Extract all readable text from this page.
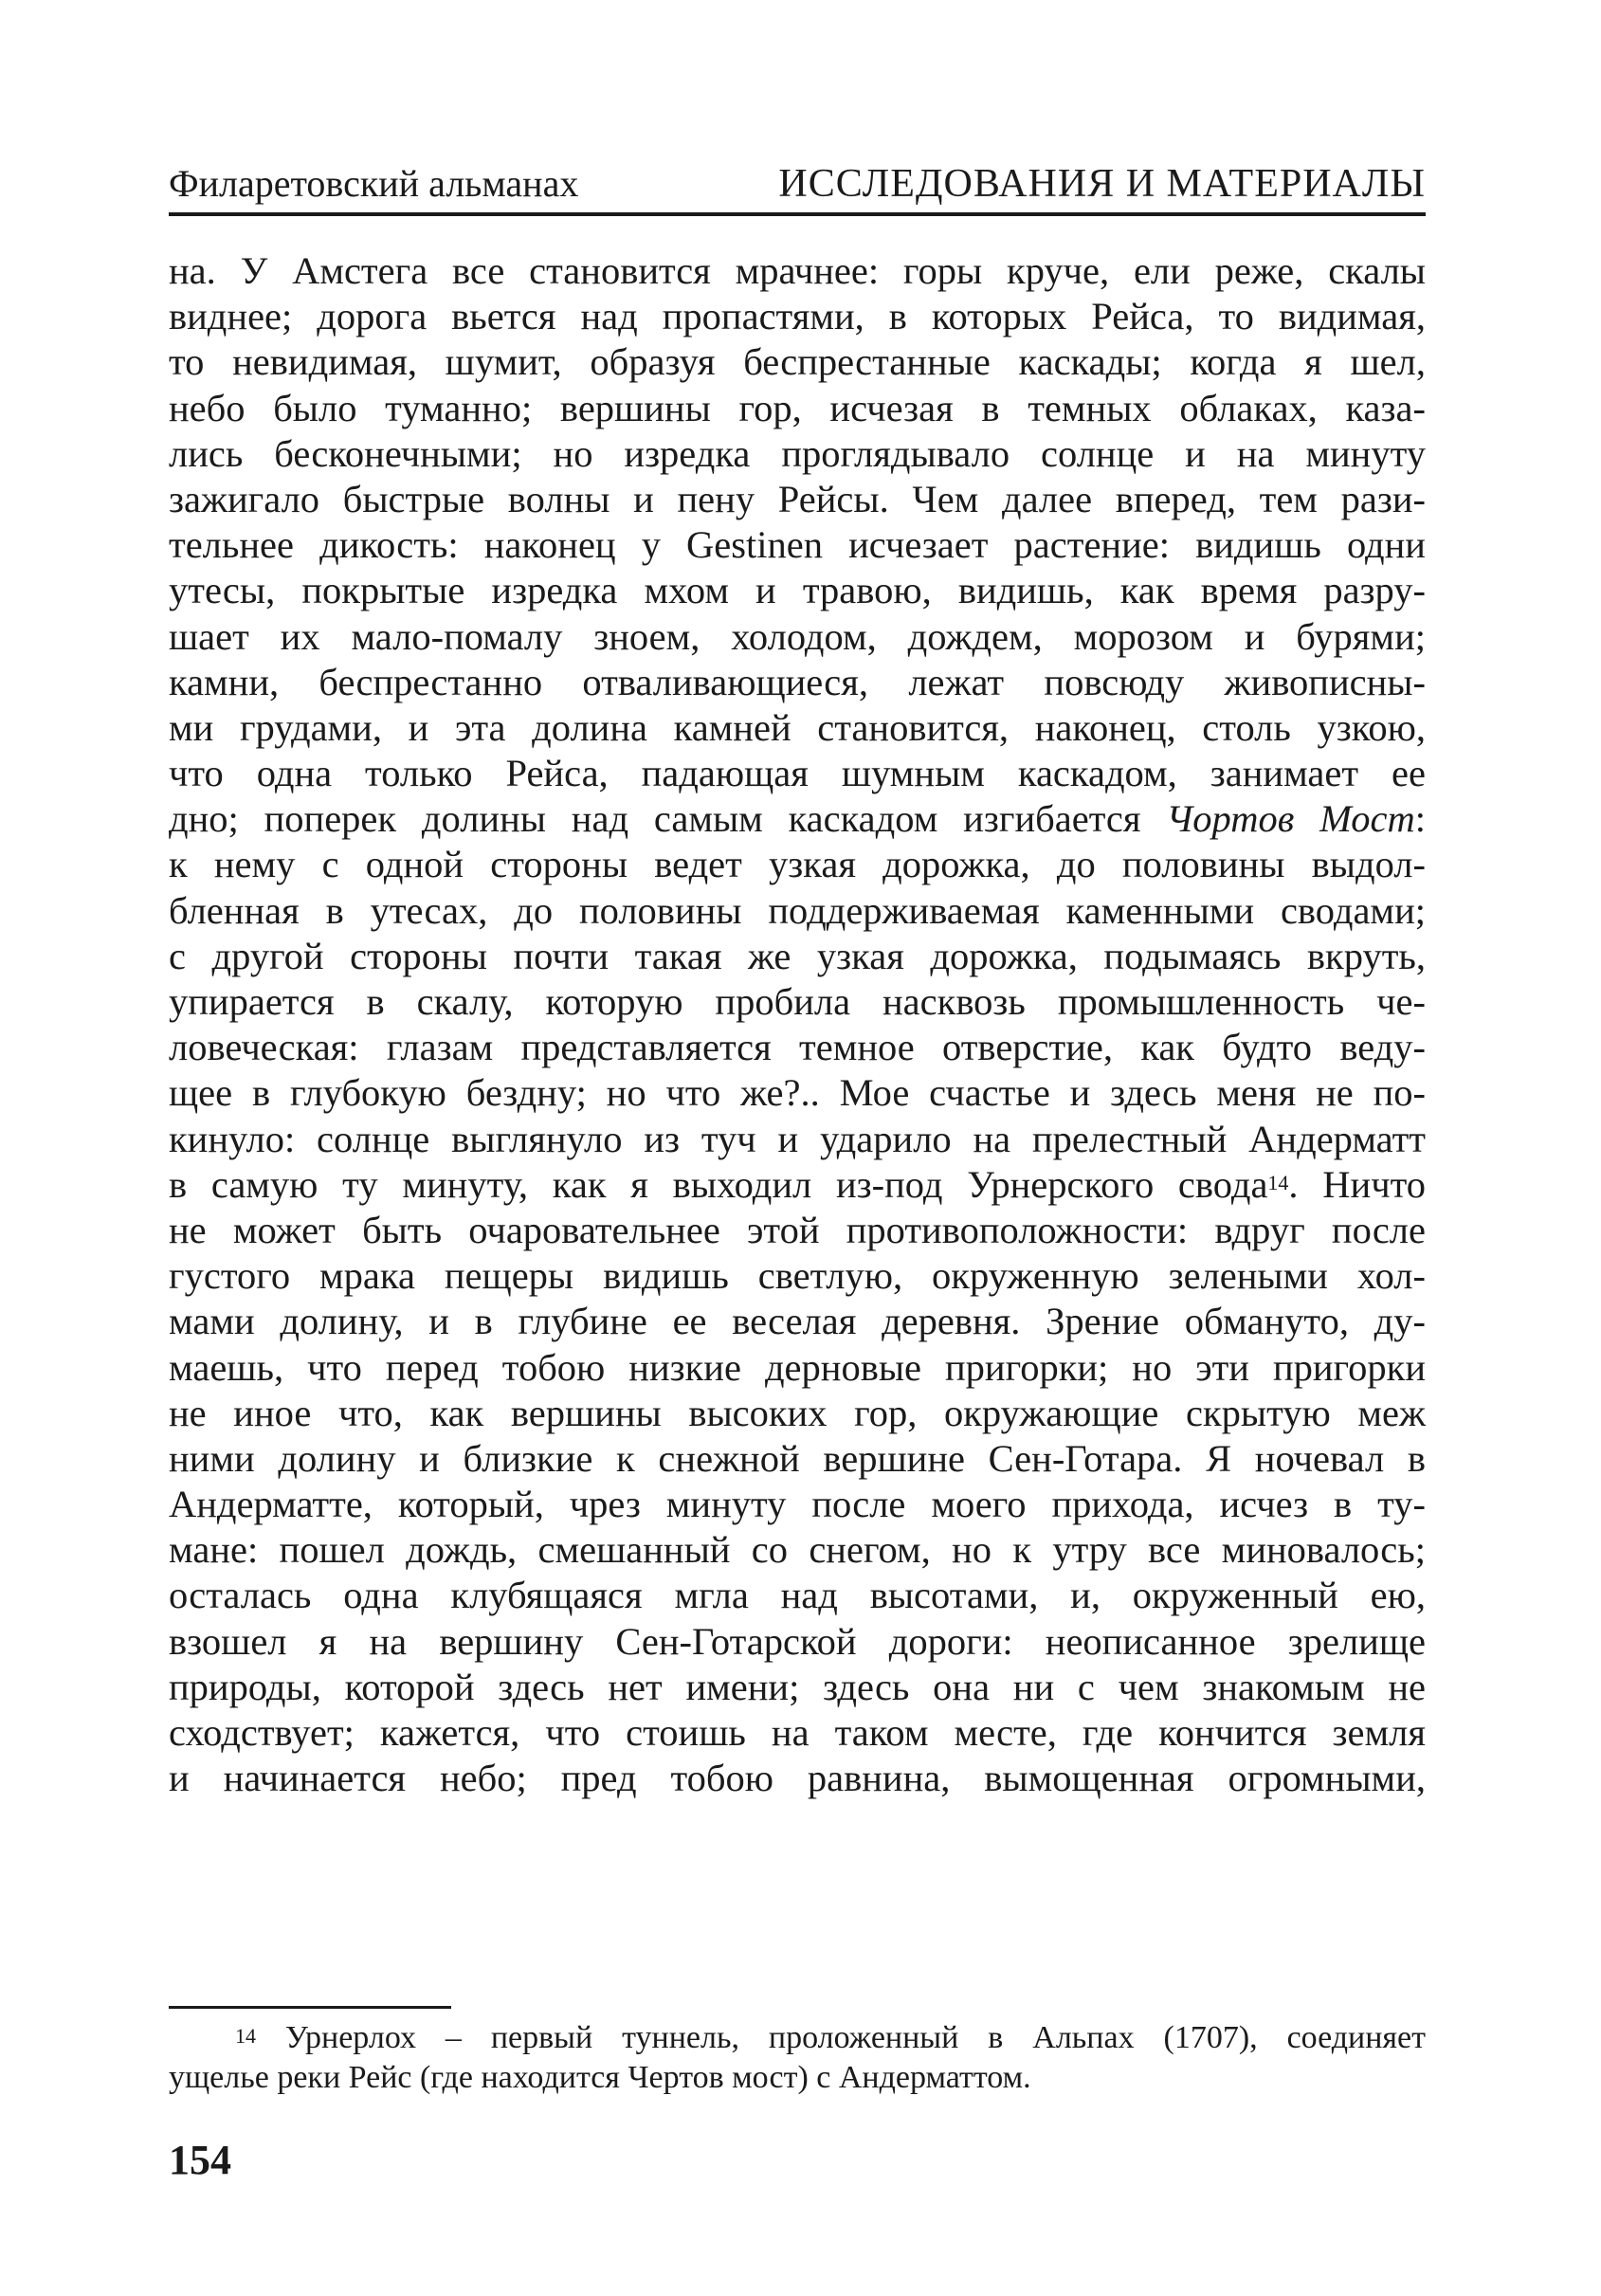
Филаретовский альманах	ИССЛЕДОВАНИЯ И МАТЕРИАЛЫ
на. У Амстега все становится мрачнее: горы круче, ели реже, скалы
виднее; дорога вьется над пропастями, в которых Рейса, то видимая,
то невидимая, шумит, образуя беспрестанные каскады; когда я шел,
небо было туманно; вершины гор, исчезая в темных облаках, каза-
лись бесконечными; но изредка проглядывало солнце и на минуту
зажигало быстрые волны и пену Рейсы. Чем далее вперед, тем рази-
тельнее дикость: наконец у Gestinen исчезает растение: видишь одни
утесы, покрытые изредка мхом и травою, видишь, как время разру-
шает их мало-помалу зноем, холодом, дождем, морозом и бурями;
камни, беспрестанно отваливающиеся, лежат повсюду живописны-
ми грудами, и эта долина камней становится, наконец, столь узкою,
что одна только Рейса, падающая шумным каскадом, занимает ее
дно; поперек долины над самым каскадом изгибается Чортов Мост:
к нему с одной стороны ведет узкая дорожка, до половины выдол-
бленная в утесах, до половины поддерживаемая каменными сводами;
с другой стороны почти такая же узкая дорожка, подымаясь вкруть,
упирается в скалу, которую пробила насквозь промышленность че-
ловеческая: глазам представляется темное отверстие, как будто веду-
щее в глубокую бездну; но что же?.. Мое счастье и здесь меня не по-
кинуло: солнце выглянуло из туч и ударило на прелестный Андерматт
в самую ту минуту, как я выходил из-под Урнерского свода$^{14}$. Ничто
не может быть очаровательнее этой противоположности: вдруг после
густого мрака пещеры видишь светлую, окруженную зелеными хол-
мами долину, и в глубине ее веселая деревня. Зрение обмануто, ду-
маешь, что перед тобою низкие дерновые пригорки; но эти пригорки
не иное что, как вершины высоких гор, окружающие скрытую меж
ними долину и близкие к снежной вершине Сен-Готара. Я ночевал в
Андерматте, который, чрез минуту после моего прихода, исчез в ту-
мане: пошел дождь, смешанный со снегом, но к утру все миновалось;
осталась одна клубящаяся мгла над высотами, и, окруженный ею,
взошел я на вершину Сен-Готарской дороги: неописанное зрелище
природы, которой здесь нет имени; здесь она ни с чем знакомым не
сходствует; кажется, что стоишь на таком месте, где кончится земля
и начинается небо; пред тобою равнина, вымощенная огромными,
$^{14}$ Урнерлох – первый туннель, проложенный в Альпах (1707), соединяет
ущелье реки Рейс (где находится Чертов мост) с Андерматтом.
154
